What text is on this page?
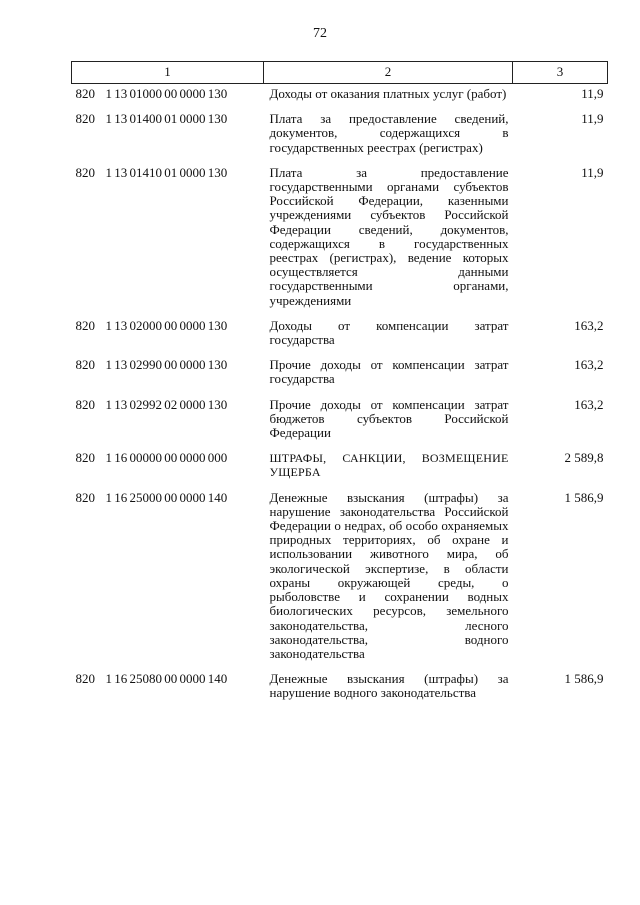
72
1	2	3
820 1 13 01000 00 0000 130	Доходы от оказания платных услуг (работ)	11,9
820 1 13 01400 01 0000 130	Плата за предоставление сведений, документов, содержащихся в государственных реестрах (регистрах)	11,9
820 1 13 01410 01 0000 130	Плата за предоставление государственными органами субъектов Российской Федерации, казенными учреждениями субъектов Российской Федерации сведений, документов, содержащихся в государственных реестрах (регистрах), ведение которых осуществляется данными государственными органами, учреждениями	11,9
820 1 13 02000 00 0000 130	Доходы от компенсации затрат государства	163,2
820 1 13 02990 00 0000 130	Прочие доходы от компенсации затрат государства	163,2
820 1 13 02992 02 0000 130	Прочие доходы от компенсации затрат бюджетов субъектов Российской Федерации	163,2
820 1 16 00000 00 0000 000	ШТРАФЫ, САНКЦИИ, ВОЗМЕЩЕНИЕ УЩЕРБА	2 589,8
820 1 16 25000 00 0000 140	Денежные взыскания (штрафы) за нарушение законодательства Российской Федерации о недрах, об особо охраняемых природных территориях, об охране и использовании животного мира, об экологической экспертизе, в области охраны окружающей среды, о рыболовстве и сохранении водных биологических ресурсов, земельного законодательства, лесного законодательства, водного законодательства	1 586,9
820 1 16 25080 00 0000 140	Денежные взыскания (штрафы) за нарушение водного законодательства	1 586,9
